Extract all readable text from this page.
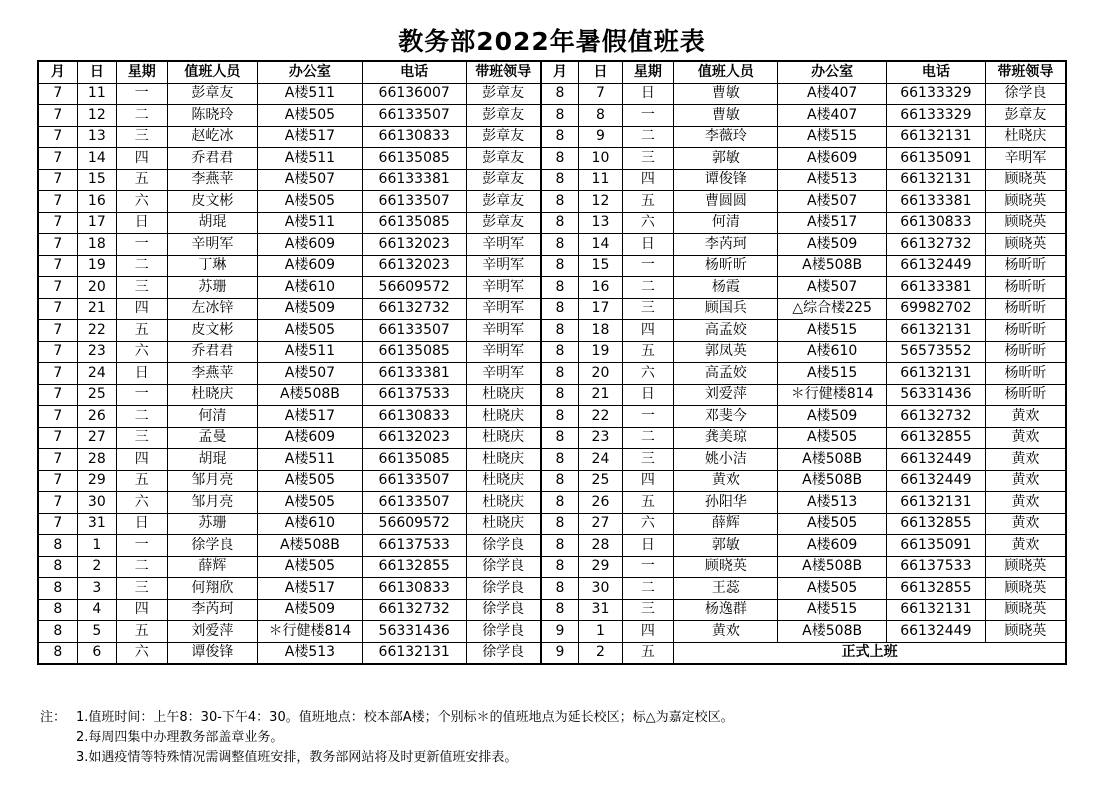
教务部2022年暑假值班表
月	日	星期	值班人员	办公室	电话	带班领导	月	日	星期	值班人员	办公室	电话	带班领导
7	11	一	彭章友	A楼511	66136007	彭章友	8	7	日	曹敏	A楼407	66133329	徐学良
7	12	二	陈晓玲	A楼505	66133507	彭章友	8	8	一	曹敏	A楼407	66133329	彭章友
7	13	三	赵屹冰	A楼517	66130833	彭章友	8	9	二	李薇玲	A楼515	66132131	杜晓庆
7	14	四	乔君君	A楼511	66135085	彭章友	8	10	三	郭敏	A楼609	66135091	辛明军
7	15	五	李燕苹	A楼507	66133381	彭章友	8	11	四	谭俊锋	A楼513	66132131	顾晓英
7	16	六	皮文彬	A楼505	66133507	彭章友	8	12	五	曹圆圆	A楼507	66133381	顾晓英
7	17	日	胡琨	A楼511	66135085	彭章友	8	13	六	何清	A楼517	66130833	顾晓英
7	18	一	辛明军	A楼609	66132023	辛明军	8	14	日	李芮珂	A楼509	66132732	顾晓英
7	19	二	丁琳	A楼609	66132023	辛明军	8	15	一	杨昕昕	A楼508B	66132449	杨昕昕
7	20	三	苏珊	A楼610	56609572	辛明军	8	16	二	杨霞	A楼507	66133381	杨昕昕
7	21	四	左冰锌	A楼509	66132732	辛明军	8	17	三	顾国兵	△综合楼225	69982702	杨昕昕
7	22	五	皮文彬	A楼505	66133507	辛明军	8	18	四	高孟姣	A楼515	66132131	杨昕昕
7	23	六	乔君君	A楼511	66135085	辛明军	8	19	五	郭凤英	A楼610	56573552	杨昕昕
7	24	日	李燕苹	A楼507	66133381	辛明军	8	20	六	高孟姣	A楼515	66132131	杨昕昕
7	25	一	杜晓庆	A楼508B	66137533	杜晓庆	8	21	日	刘爱萍	＊行健楼814	56331436	杨昕昕
7	26	二	何清	A楼517	66130833	杜晓庆	8	22	一	邓斐今	A楼509	66132732	黄欢
7	27	三	孟曼	A楼609	66132023	杜晓庆	8	23	二	龚美琼	A楼505	66132855	黄欢
7	28	四	胡琨	A楼511	66135085	杜晓庆	8	24	三	姚小洁	A楼508B	66132449	黄欢
7	29	五	邹月亮	A楼505	66133507	杜晓庆	8	25	四	黄欢	A楼508B	66132449	黄欢
7	30	六	邹月亮	A楼505	66133507	杜晓庆	8	26	五	孙阳华	A楼513	66132131	黄欢
7	31	日	苏珊	A楼610	56609572	杜晓庆	8	27	六	薛辉	A楼505	66132855	黄欢
8	1	一	徐学良	A楼508B	66137533	徐学良	8	28	日	郭敏	A楼609	66135091	黄欢
8	2	二	薛辉	A楼505	66132855	徐学良	8	29	一	顾晓英	A楼508B	66137533	顾晓英
8	3	三	何翔欣	A楼517	66130833	徐学良	8	30	二	王蕊	A楼505	66132855	顾晓英
8	4	四	李芮珂	A楼509	66132732	徐学良	8	31	三	杨逸群	A楼515	66132131	顾晓英
8	5	五	刘爱萍	＊行健楼814	56331436	徐学良	9	1	四	黄欢	A楼508B	66132449	顾晓英
8	6	六	谭俊锋	A楼513	66132131	徐学良	9	2	五	正式上班			
注： 1.值班时间：上午8：30-下午4：30。值班地点：校本部A楼；个别标＊的值班地点为延长校区；标△为嘉定校区。
2.每周四集中办理教务部盖章业务。
3.如遇疫情等特殊情况需调整值班安排，教务部网站将及时更新值班安排表。
